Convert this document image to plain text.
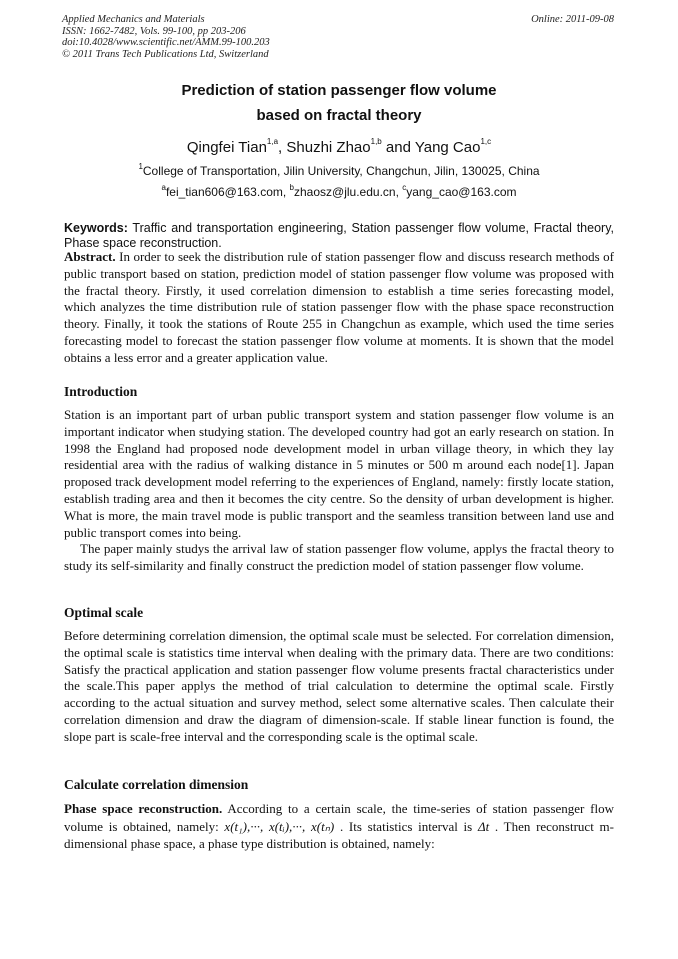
Applied Mechanics and Materials
ISSN: 1662-7482, Vols. 99-100, pp 203-206
doi:10.4028/www.scientific.net/AMM.99-100.203
© 2011 Trans Tech Publications Ltd, Switzerland
Online: 2011-09-08
Prediction of station passenger flow volume
based on fractal theory
Qingfei Tian$^{1,a}$, Shuzhi Zhao$^{1,b}$ and Yang Cao$^{1,c}$
$^1$College of Transportation, Jilin University, Changchun, Jilin, 130025, China
$^a$fei_tian606@163.com, $^b$zhaosz@jlu.edu.cn, $^c$yang_cao@163.com
Keywords: Traffic and transportation engineering, Station passenger flow volume, Fractal theory, Phase space reconstruction.
Abstract. In order to seek the distribution rule of station passenger flow and discuss research methods of public transport based on station, prediction model of station passenger flow volume was proposed with the fractal theory. Firstly, it used correlation dimension to establish a time series forecasting model, which analyzes the time distribution rule of station passenger flow with the phase space reconstruction theory. Finally, it took the stations of Route 255 in Changchun as example, which used the time series forecasting model to forecast the station passenger flow volume at moments. It is shown that the model obtains a less error and a greater application value.
Introduction

Station is an important part of urban public transport system and station passenger flow volume is an important indicator when studying station. The developed country had got an early research on station. In 1998 the England had proposed node development model in urban village theory, in which they lay residential area with the radius of walking distance in 5 minutes or 500 m around each node[1]. Japan proposed track development model referring to the experiences of England, namely: firstly locate station, establish trading area and then it becomes the city centre. So the density of urban development is higher. What is more, the main travel mode is public transport and the seamless transition between land use and public transport comes into being.

The paper mainly studys the arrival law of station passenger flow volume, applys the fractal theory to study its self-similarity and finally construct the prediction model of station passenger flow volume.

Optimal scale

Before determining correlation dimension, the optimal scale must be selected. For correlation dimension, the optimal scale is statistics time interval when dealing with the primary data. There are two conditions: Satisfy the practical application and station passenger flow volume presents fractal characteristics under the scale.This paper applys the method of trial calculation to determine the optimal scale. Firstly according to the actual situation and survey method, select some alternative scales. Then calculate their correlation dimension and draw the diagram of dimension-scale. If stable linear function is found, the slope part is scale-free interval and the corresponding scale is the optimal scale.

Calculate correlation dimension
Phase space reconstruction. According to a certain scale, the time-series of station passenger flow volume is obtained, namely: x(t₁),···, x(tᵢ),···, x(tₙ) . Its statistics interval is Δt . Then reconstruct m-dimensional phase space, a phase type distribution is obtained, namely:
